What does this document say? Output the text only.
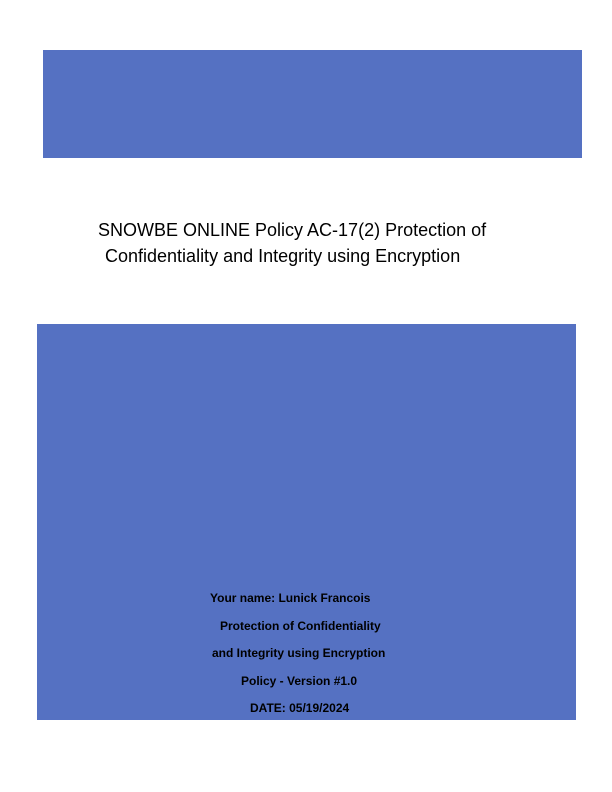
SNOWBE ONLINE Policy AC-17(2) Protection of
Confidentiality and Integrity using Encryption
Your name: Lunick Francois
Protection of Confidentiality
and Integrity using Encryption
Policy - Version #1.0
DATE: 05/19/2024
